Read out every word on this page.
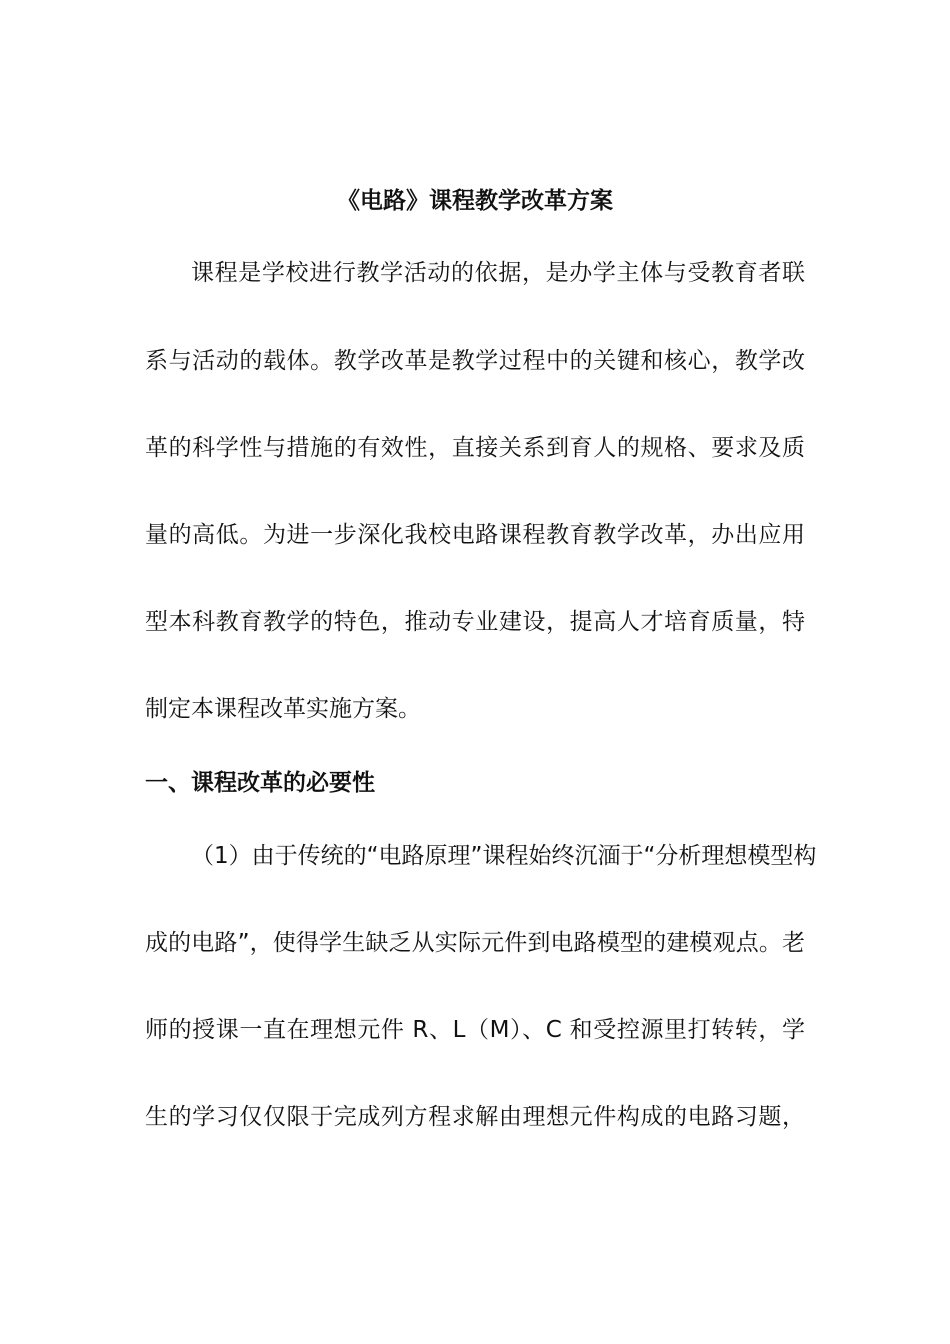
《电路》课程教学改革方案
课程是学校进行教学活动的依据，是办学主体与受教育者联
系与活动的载体。教学改革是教学过程中的关键和核心，教学改
革的科学性与措施的有效性，直接关系到育人的规格、要求及质
量的高低。为进一步深化我校电路课程教育教学改革，办出应用
型本科教育教学的特色，推动专业建设，提高人才培育质量，特
制定本课程改革实施方案。
一、课程改革的必要性
（1）由于传统的“电路原理”课程始终沉湎于“分析理想模型构
成的电路”，使得学生缺乏从实际元件到电路模型的建模观点。老
师的授课一直在理想元件 R、L（M）、C 和受控源里打转转，学
生的学习仅仅限于完成列方程求解由理想元件构成的电路习题，
